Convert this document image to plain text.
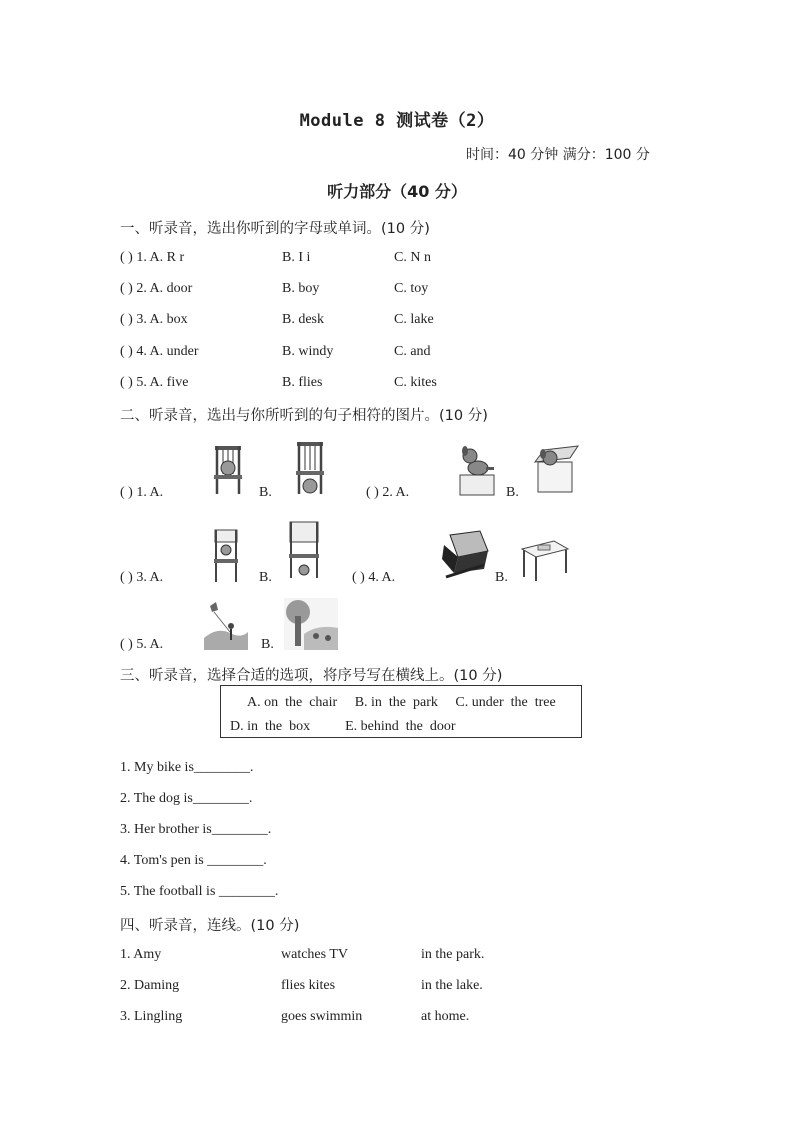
Module 8 测试卷（2）
时间：40 分钟 满分：100 分
听力部分（40 分）
一、听录音，选出你听到的字母或单词。(10 分)
( ) 1. A. R r	B. I i	C. N n
( ) 2. A. door	B. boy	C. toy
( ) 3. A. box	B. desk	C. lake
( ) 4. A. under	B. windy	C. and
( ) 5. A. five	B. flies	C. kites
二、听录音，选出与你所听到的句子相符的图片。(10 分)
( ) 1. A.	B.	( ) 2. A.	B.
( ) 3. A.	B.	( ) 4. A.	B.
( ) 5. A.	B.
三、听录音，选择合适的选项，将序号写在横线上。(10 分)
A. on  the  chair     B. in  the  park     C. under  the  tree
D. in  the  box          E. behind  the  door
1. My bike is________.
2. The dog is________.
3. Her brother is________.
4. Tom's pen is ________.
5. The football is ________.
四、听录音，连线。(10 分)
1. Amy	watches TV	in the park.
2. Daming	flies kites	in the lake.
3. Lingling	goes swimmin	at home.
